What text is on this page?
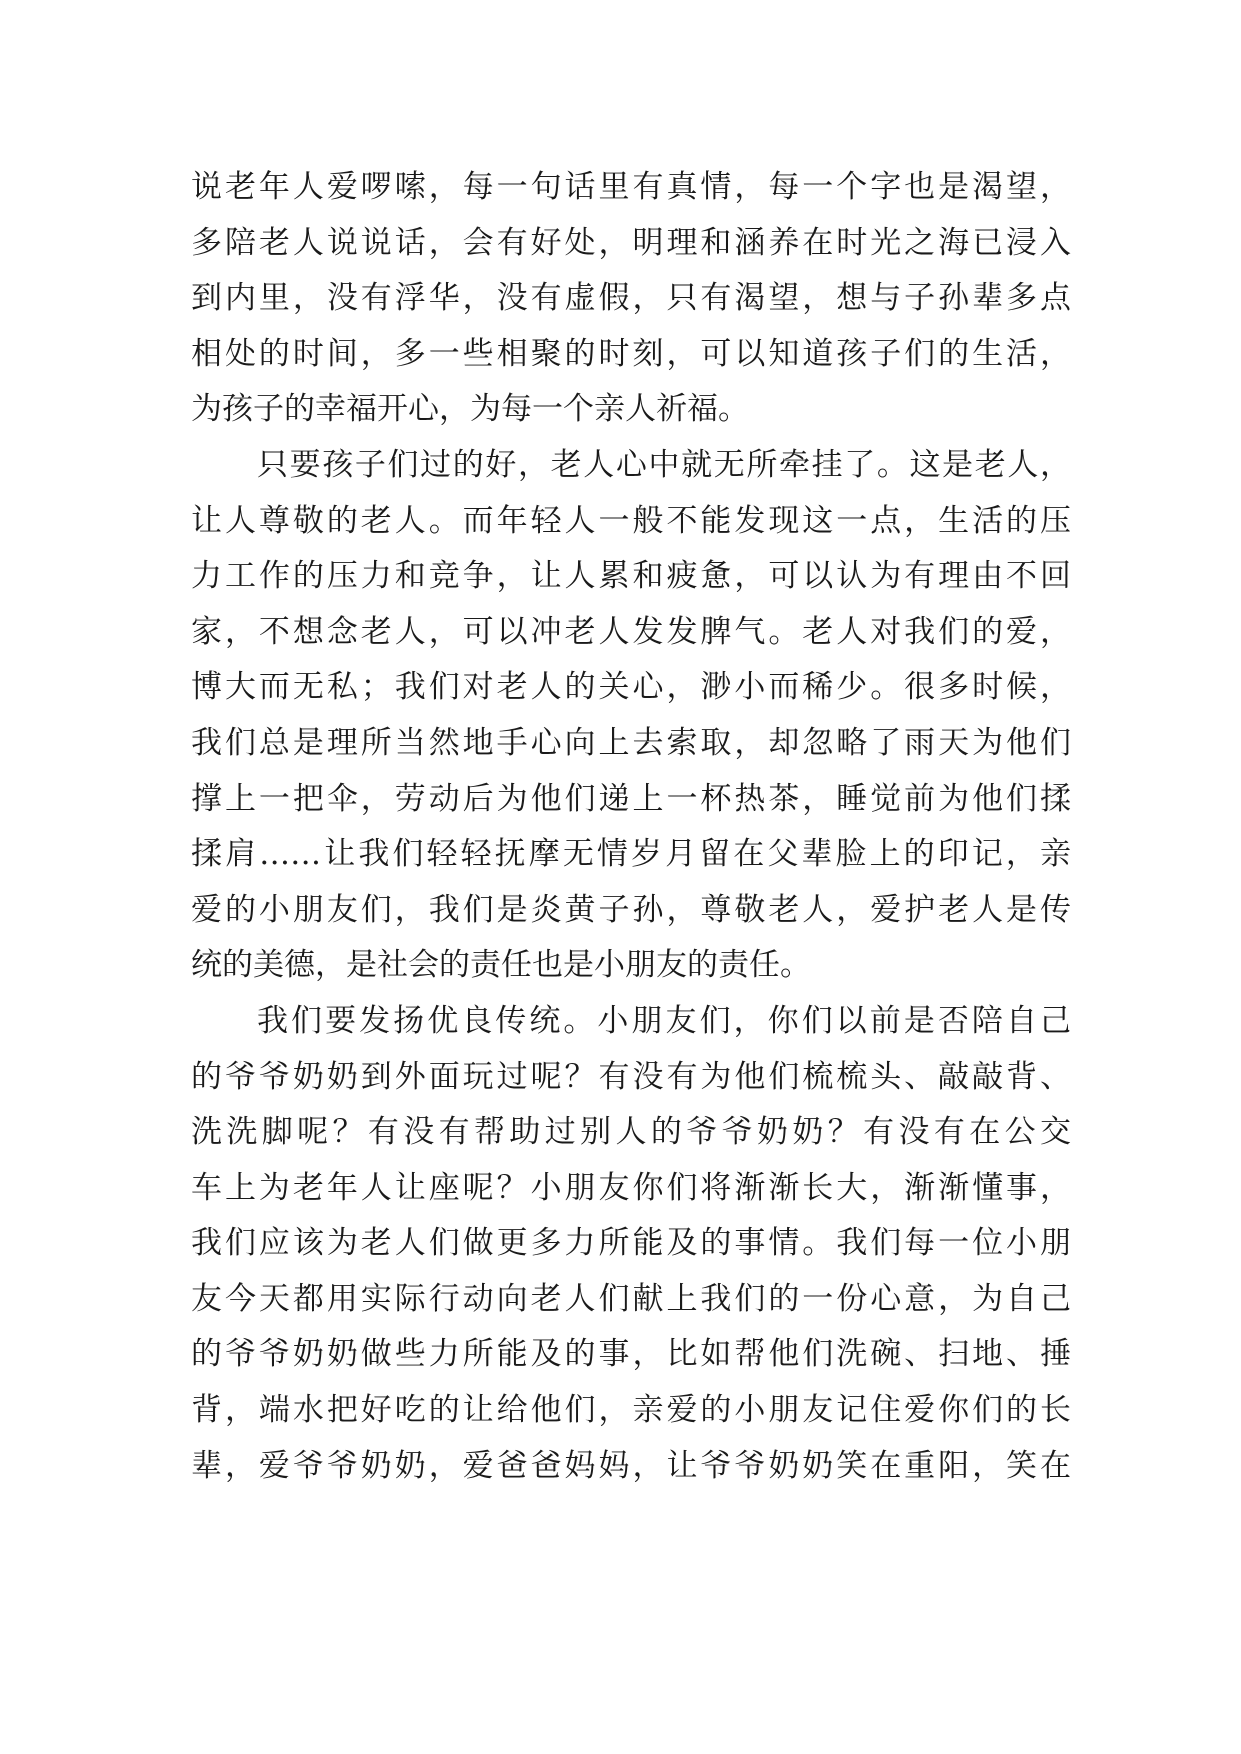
说老年人爱啰嗦，每一句话里有真情，每一个字也是渴望，
多陪老人说说话，会有好处，明理和涵养在时光之海已浸入
到内里，没有浮华，没有虚假，只有渴望，想与子孙辈多点
相处的时间，多一些相聚的时刻，可以知道孩子们的生活，
为孩子的幸福开心，为每一个亲人祈福。
只要孩子们过的好，老人心中就无所牵挂了。这是老人，
让人尊敬的老人。而年轻人一般不能发现这一点，生活的压
力工作的压力和竞争，让人累和疲惫，可以认为有理由不回
家，不想念老人，可以冲老人发发脾气。老人对我们的爱，
博大而无私；我们对老人的关心，渺小而稀少。很多时候，
我们总是理所当然地手心向上去索取，却忽略了雨天为他们
撑上一把伞，劳动后为他们递上一杯热茶，睡觉前为他们揉
揉肩……让我们轻轻抚摩无情岁月留在父辈脸上的印记，亲
爱的小朋友们，我们是炎黄子孙，尊敬老人，爱护老人是传
统的美德，是社会的责任也是小朋友的责任。
我们要发扬优良传统。小朋友们，你们以前是否陪自己
的爷爷奶奶到外面玩过呢？有没有为他们梳梳头、敲敲背、
洗洗脚呢？有没有帮助过别人的爷爷奶奶？有没有在公交
车上为老年人让座呢？小朋友你们将渐渐长大，渐渐懂事，
我们应该为老人们做更多力所能及的事情。我们每一位小朋
友今天都用实际行动向老人们献上我们的一份心意，为自己
的爷爷奶奶做些力所能及的事，比如帮他们洗碗、扫地、捶
背，端水把好吃的让给他们，亲爱的小朋友记住爱你们的长
辈，爱爷爷奶奶，爱爸爸妈妈，让爷爷奶奶笑在重阳，笑在
